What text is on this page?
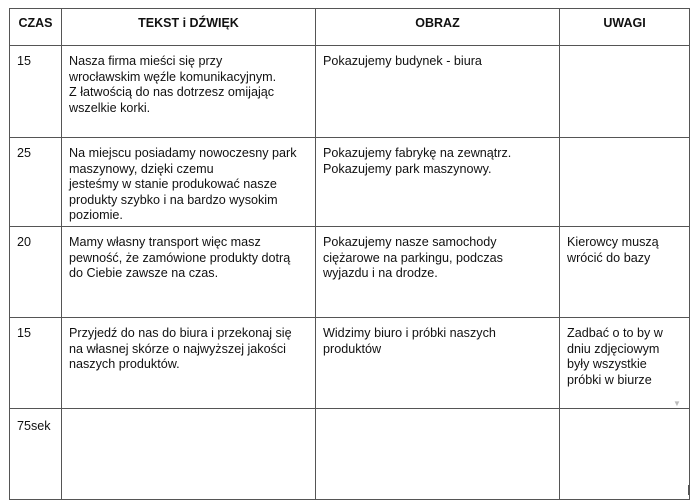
CZAS	TEKST i DŹWIĘK	OBRAZ	UWAGI
15	Nasza firma mieści się przy
wrocławskim węźle komunikacyjnym.
Z łatwością do nas dotrzesz omijając
wszelkie korki.	Pokazujemy budynek - biura	
25	Na miejscu posiadamy nowoczesny park
maszynowy, dzięki czemu
jesteśmy w stanie produkować nasze
produkty szybko i na bardzo wysokim
poziomie.	Pokazujemy fabrykę na zewnątrz.
Pokazujemy park maszynowy.	
20	Mamy własny transport więc masz
pewność, że zamówione produkty dotrą
do Ciebie zawsze na czas.	Pokazujemy nasze samochody
ciężarowe na parkingu, podczas
wyjazdu i na drodze.	Kierowcy muszą
wrócić do bazy
15	Przyjedź do nas do biura i przekonaj się
na własnej skórze o najwyższej jakości
naszych produktów.	Widzimy biuro i próbki naszych
produktów	Zadbać o to by w
dniu zdjęciowym
były wszystkie
próbki w biurze
75sek			
▼
